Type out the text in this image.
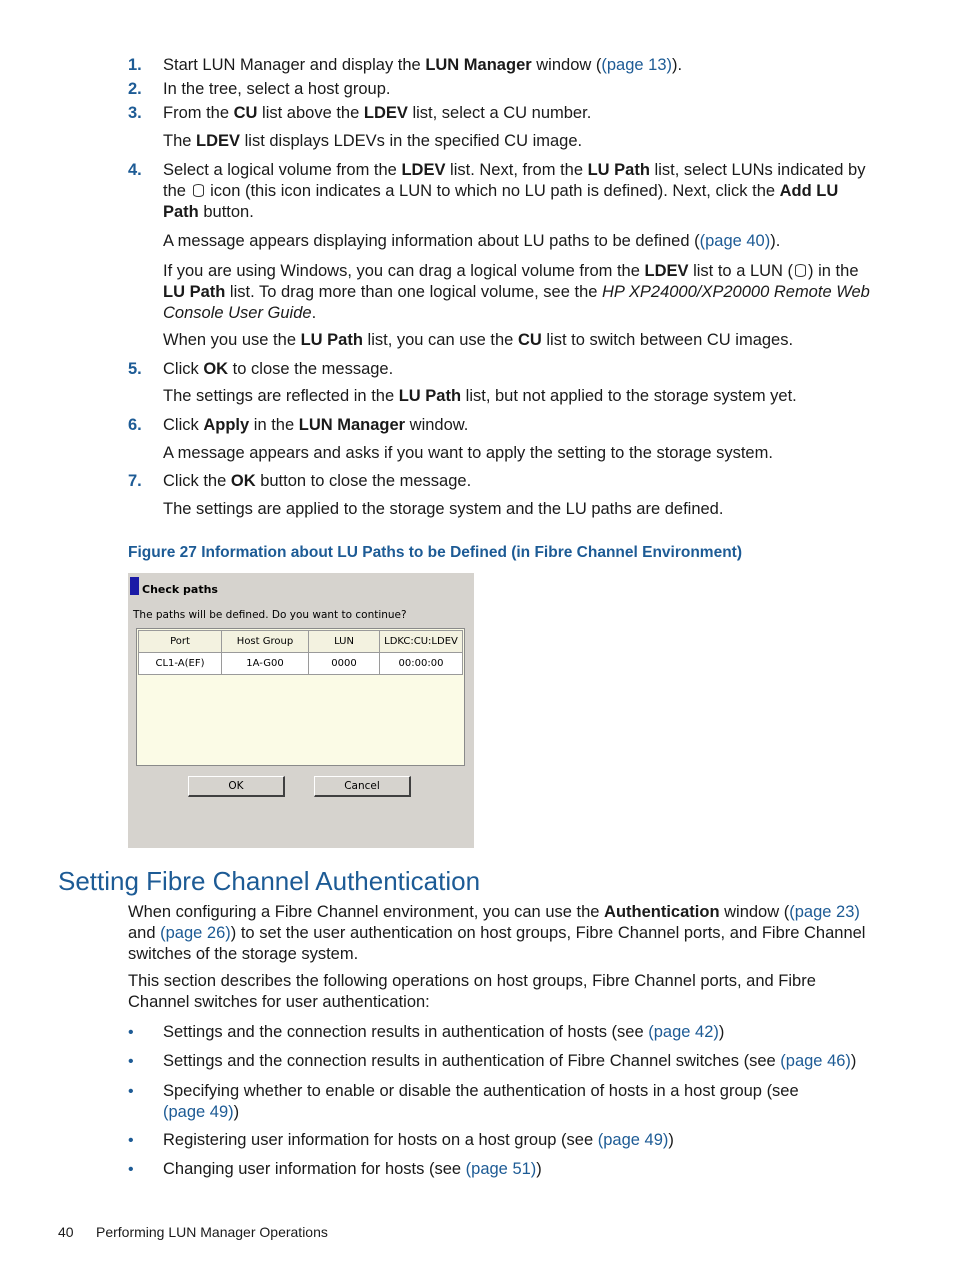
1. Start LUN Manager and display the LUN Manager window ((page 13)).
2. In the tree, select a host group.
3. From the CU list above the LDEV list, select a CU number.
The LDEV list displays LDEVs in the specified CU image.
4. Select a logical volume from the LDEV list. Next, from the LU Path list, select LUNs indicated by the  icon (this icon indicates a LUN to which no LU path is defined). Next, click the Add LU Path button.
A message appears displaying information about LU paths to be defined ((page 40)).
If you are using Windows, you can drag a logical volume from the LDEV list to a LUN ( ) in the LU Path list. To drag more than one logical volume, see the HP XP24000/XP20000 Remote Web Console User Guide.
When you use the LU Path list, you can use the CU list to switch between CU images.
5. Click OK to close the message.
The settings are reflected in the LU Path list, but not applied to the storage system yet.
6. Click Apply in the LUN Manager window.
A message appears and asks if you want to apply the setting to the storage system.
7. Click the OK button to close the message.
The settings are applied to the storage system and the LU paths are defined.
Figure 27 Information about LU Paths to be Defined (in Fibre Channel Environment)
Check paths
The paths will be defined. Do you want to continue?
Port	Host Group	LUN	LDKC:CU:LDEV
CL1-A(EF)	1A-G00	0000	00:00:00
OK	Cancel
Setting Fibre Channel Authentication
When configuring a Fibre Channel environment, you can use the Authentication window ((page 23) and (page 26)) to set the user authentication on host groups, Fibre Channel ports, and Fibre Channel switches of the storage system.
This section describes the following operations on host groups, Fibre Channel ports, and Fibre Channel switches for user authentication:
• Settings and the connection results in authentication of hosts (see (page 42))
• Settings and the connection results in authentication of Fibre Channel switches (see (page 46))
• Specifying whether to enable or disable the authentication of hosts in a host group (see (page 49))
• Registering user information for hosts on a host group (see (page 49))
• Changing user information for hosts (see (page 51))
40 Performing LUN Manager Operations
